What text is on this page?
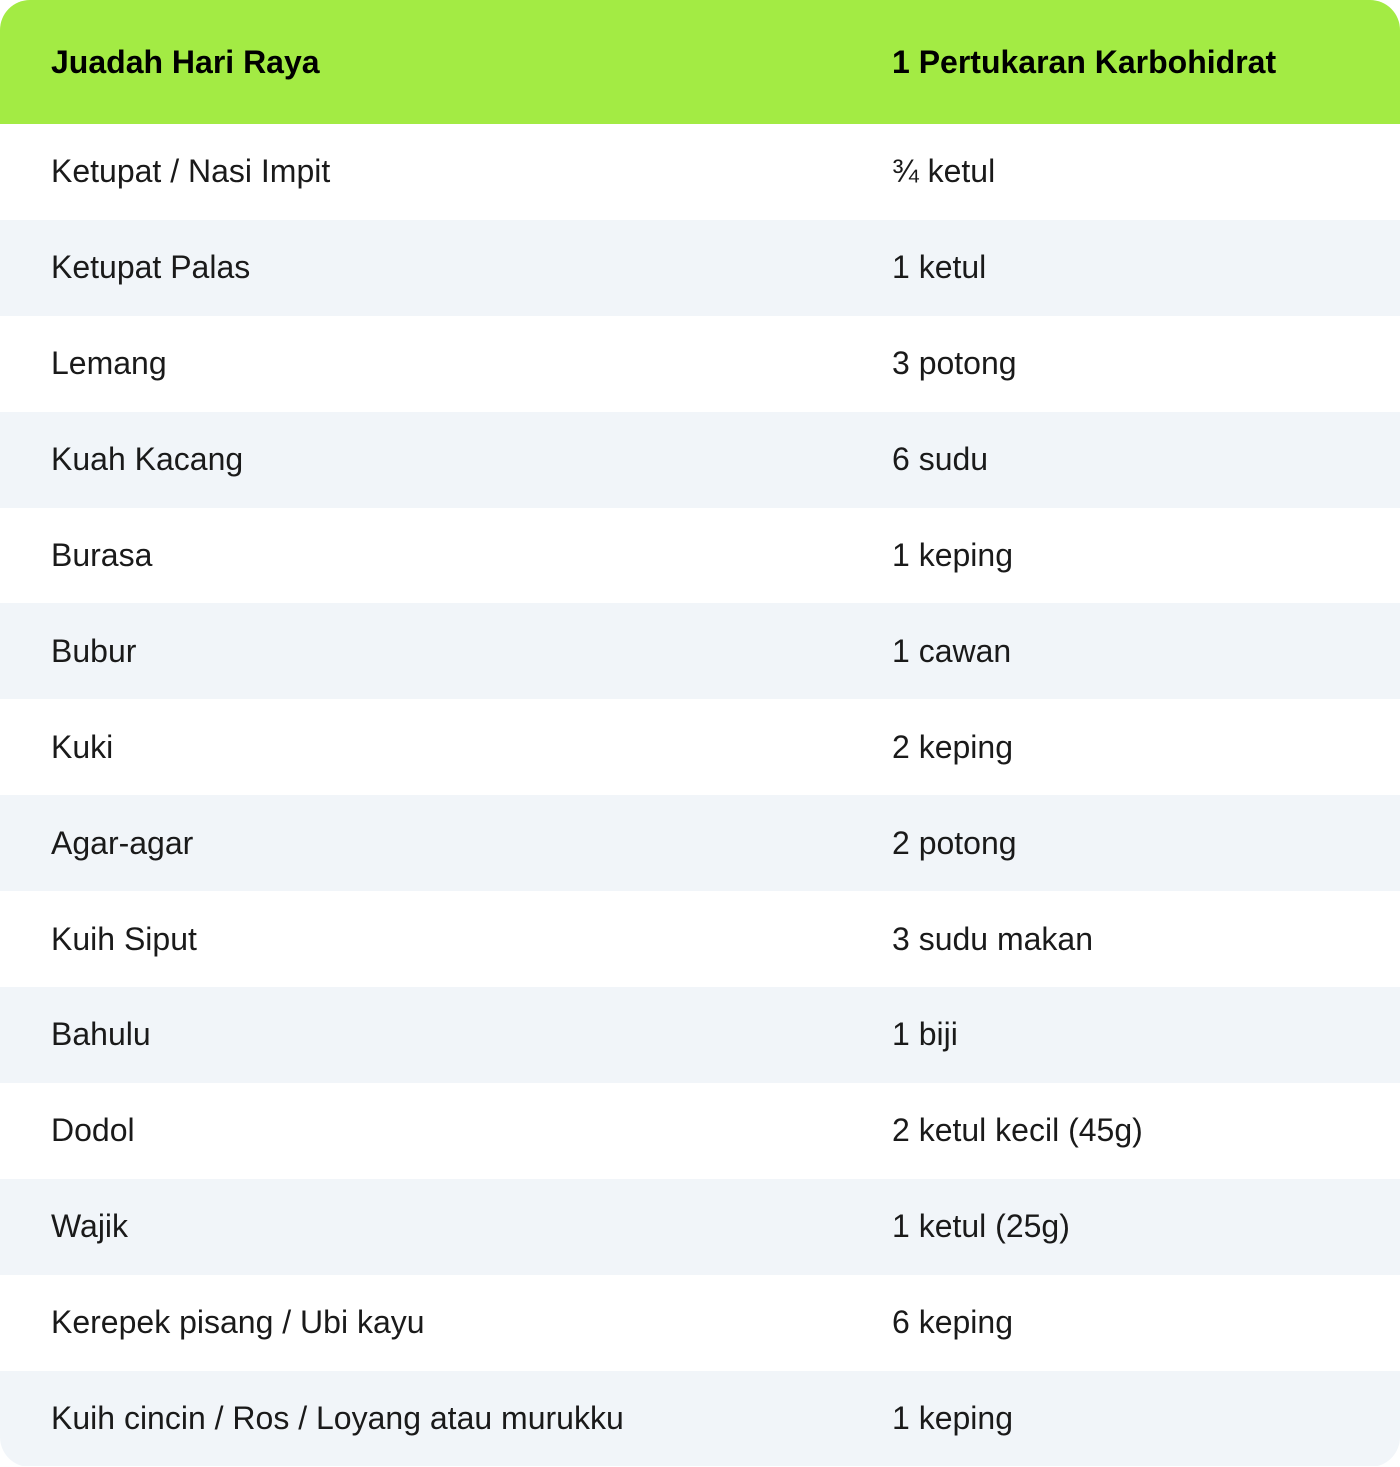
Juadah Hari Raya	1 Pertukaran Karbohidrat
Ketupat / Nasi Impit	¾ ketul
Ketupat Palas	1 ketul
Lemang	3 potong
Kuah Kacang	6 sudu
Burasa	1 keping
Bubur	1 cawan
Kuki	2 keping
Agar-agar	2 potong
Kuih Siput	3 sudu makan
Bahulu	1 biji
Dodol	2 ketul kecil (45g)
Wajik	1 ketul (25g)
Kerepek pisang / Ubi kayu	6 keping
Kuih cincin / Ros / Loyang atau murukku	1 keping
